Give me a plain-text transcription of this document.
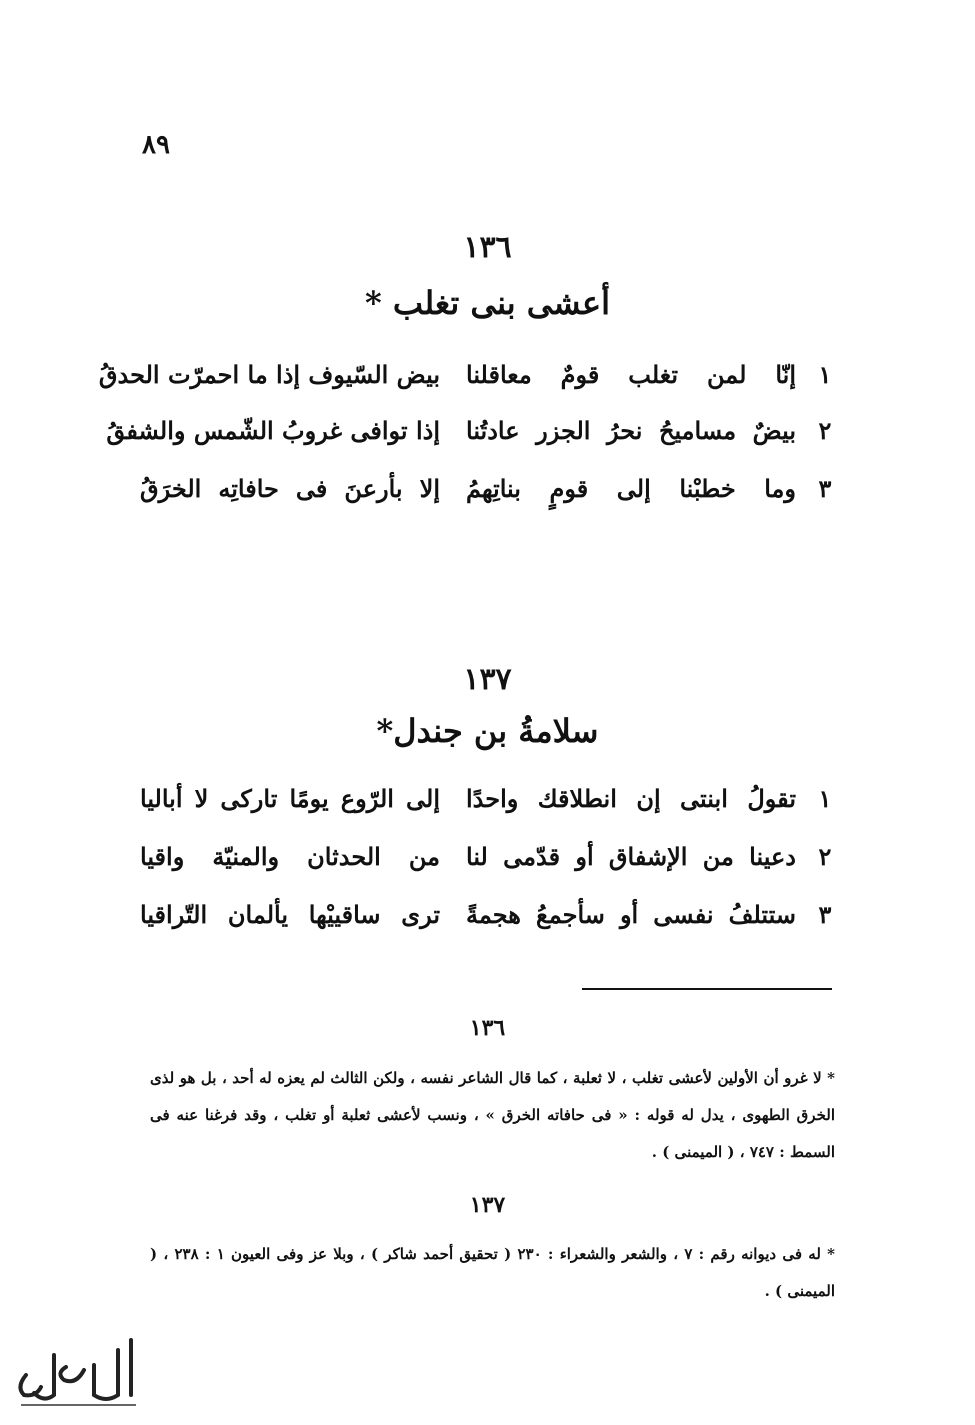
٨٩
١٣٦
أعشى بنى تغلب *
١
إنّا لمن تغلب قومٌ معاقلنا
بيض السّيوف إذا ما احمرّت الحدقُ
٢
بيضٌ مساميحُ نحرُ الجزر عادتُنا
إذا توافى غروبُ الشّمس والشفقُ
٣
وما خطبْنا إلى قومٍ بناتِهمُ
إلا بأرعنَ فى حافاتِه الخرَقُ
١٣٧
سلامةُ بن جندل*
١
تقولُ ابنتى إن انطلاقك واحدًا
إلى الرّوع يومًا تاركى لا أباليا
٢
دعينا من الإشفاق أو قدّمى لنا
من الحدثان والمنيّة واقيا
٣
ستتلفُ نفسى أو سأجمعُ هجمةً
ترى ساقييْها يألمان التّراقيا
١٣٦
* لا غرو أن الأولين لأعشى تغلب ، لا ثعلبة ، كما قال الشاعر نفسه ، ولكن الثالث لم يعزه له أحد ، بل هو لذى الخرق الطهوى ، يدل له قوله : « فى حافاته الخرق » ، ونسب لأعشى ثعلبة أو تغلب ، وقد فرغنا عنه فى السمط : ٧٤٧ ، ( الميمنى ) .
١٣٧
* له فى ديوانه رقم : ٧ ، والشعر والشعراء : ٢٣٠ ( تحقيق أحمد شاكر ) ، وبلا عز وفى العيون ١ : ٢٣٨ ، ( الميمنى ) .
